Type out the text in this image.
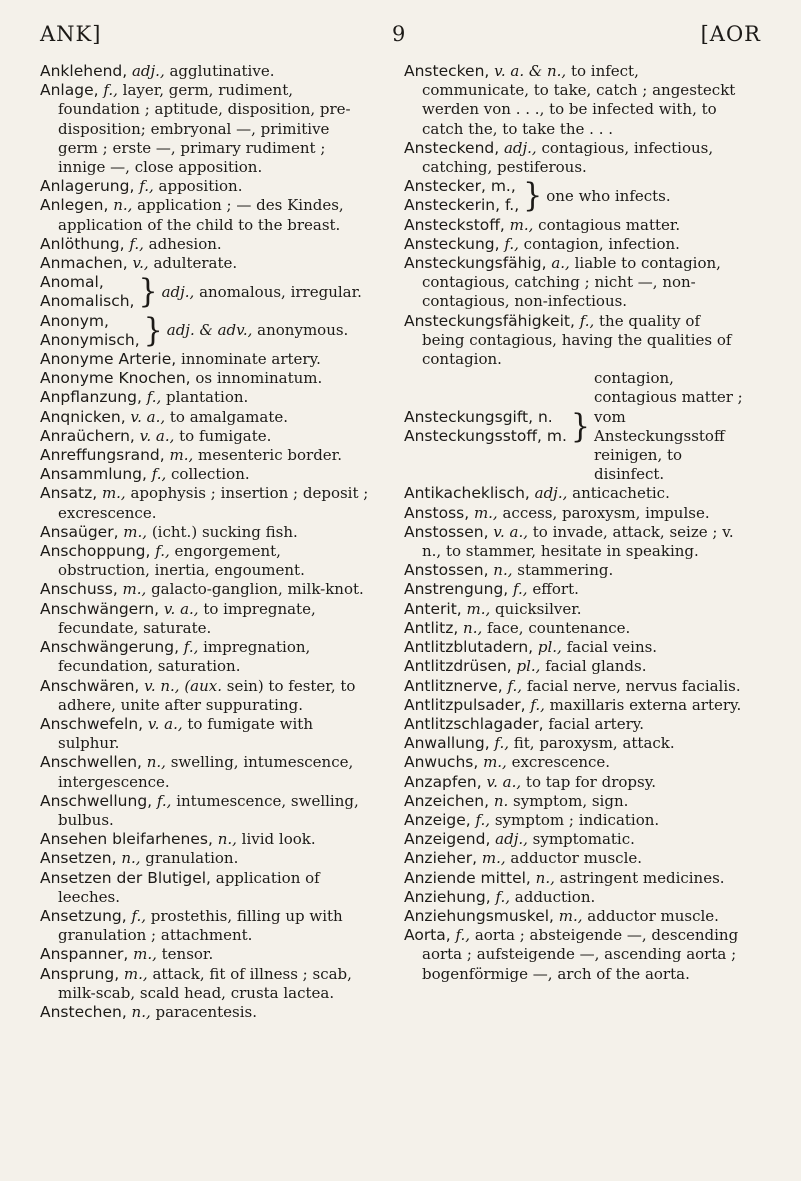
ANK]	9	[AOR

Anklehend, adj., agglutinative.

Anlage, f., layer, germ, rudiment, foundation ; aptitude, disposition, pre-disposition; embryonal —, primitive germ ; erste —, primary rudiment ; innige —, close apposition.

Anlagerung, f., apposition.

Anlegen, n., application ; — des Kindes, application of the child to the breast.

Anlöthung, f., adhesion.

Anmachen, v., adulterate.

Anomal,
Anomalisch, } adj., anomalous, irregular.
Anonym,
Anonymisch, } adj. & adv., anonymous.

Anonyme Arterie, innominate artery.

Anonyme Knochen, os innominatum.

Anpflanzung, f., plantation.

Anqnicken, v. a., to amalgamate.

Anraüchern, v. a., to fumigate.

Anreffungsrand, m., mesenteric border.

Ansammlung, f., collection.

Ansatz, m., apophysis ; insertion ; deposit ; excrescence.

Ansaüger, m., (icht.) sucking fish.

Anschoppung, f., engorgement, obstruction, inertia, engoument.

Anschuss, m., galacto-ganglion, milk-knot.

Anschwängern, v. a., to impregnate, fecundate, saturate.

Anschwängerung, f., impregnation, fecundation, saturation.

Anschwären, v. n., (aux. sein) to fester, to adhere, unite after suppurating.

Anschwefeln, v. a., to fumigate with sulphur.

Anschwellen, n., swelling, intumescence, intergescence.

Anschwellung, f., intumescence, swelling, bulbus.

Ansehen bleifarhenes, n., livid look.

Ansetzen, n., granulation.

Ansetzen der Blutigel, application of leeches.

Ansetzung, f., prostethis, filling up with granulation ; attachment.

Anspanner, m., tensor.

Ansprung, m., attack, fit of illness ; scab, milk-scab, scald head, crusta lactea.

Anstechen, n., paracentesis.

Anstecken, v. a. & n., to infect, communicate, to take, catch ; angesteckt werden von . . ., to be infected with, to catch the, to take the . . .

Ansteckend, adj., contagious, infectious, catching, pestiferous.

Anstecker, m.,
Ansteckerin, f., } one who infects.

Ansteckstoff, m., contagious matter.

Ansteckung, f., contagion, infection.

Ansteckungsfähig, a., liable to contagion, contagious, catching ; nicht —, non-contagious, non-infectious.

Ansteckungsfähigkeit, f., the quality of being contagious, having the qualities of contagion.

Ansteckungsgift, n.
Ansteckungsstoff, m. }
contagion, contagious matter ; vom Ansteckungsstoff reinigen, to disinfect.

Antikacheklisch, adj., anticachetic.

Anstoss, m., access, paroxysm, impulse.

Anstossen, v. a., to invade, attack, seize ; v. n., to stammer, hesitate in speaking.

Anstossen, n., stammering.

Anstrengung, f., effort.

Anterit, m., quicksilver.

Antlitz, n., face, countenance.

Antlitzblutadern, pl., facial veins.

Antlitzdrüsen, pl., facial glands.

Antlitznerve, f., facial nerve, nervus facialis.

Antlitzpulsader, f., maxillaris externa artery.

Antlitzschlagader, facial artery.

Anwallung, f., fit, paroxysm, attack.

Anwuchs, m., excrescence.

Anzapfen, v. a., to tap for dropsy.

Anzeichen, n. symptom, sign.

Anzeige, f., symptom ; indication.

Anzeigend, adj., symptomatic.

Anzieher, m., adductor muscle.

Anziende mittel, n., astringent medicines.

Anziehung, f., adduction.

Anziehungsmuskel, m., adductor muscle.

Aorta, f., aorta ; absteigende —, descending aorta ; aufsteigende —, ascending aorta ; bogenförmige —, arch of the aorta.
